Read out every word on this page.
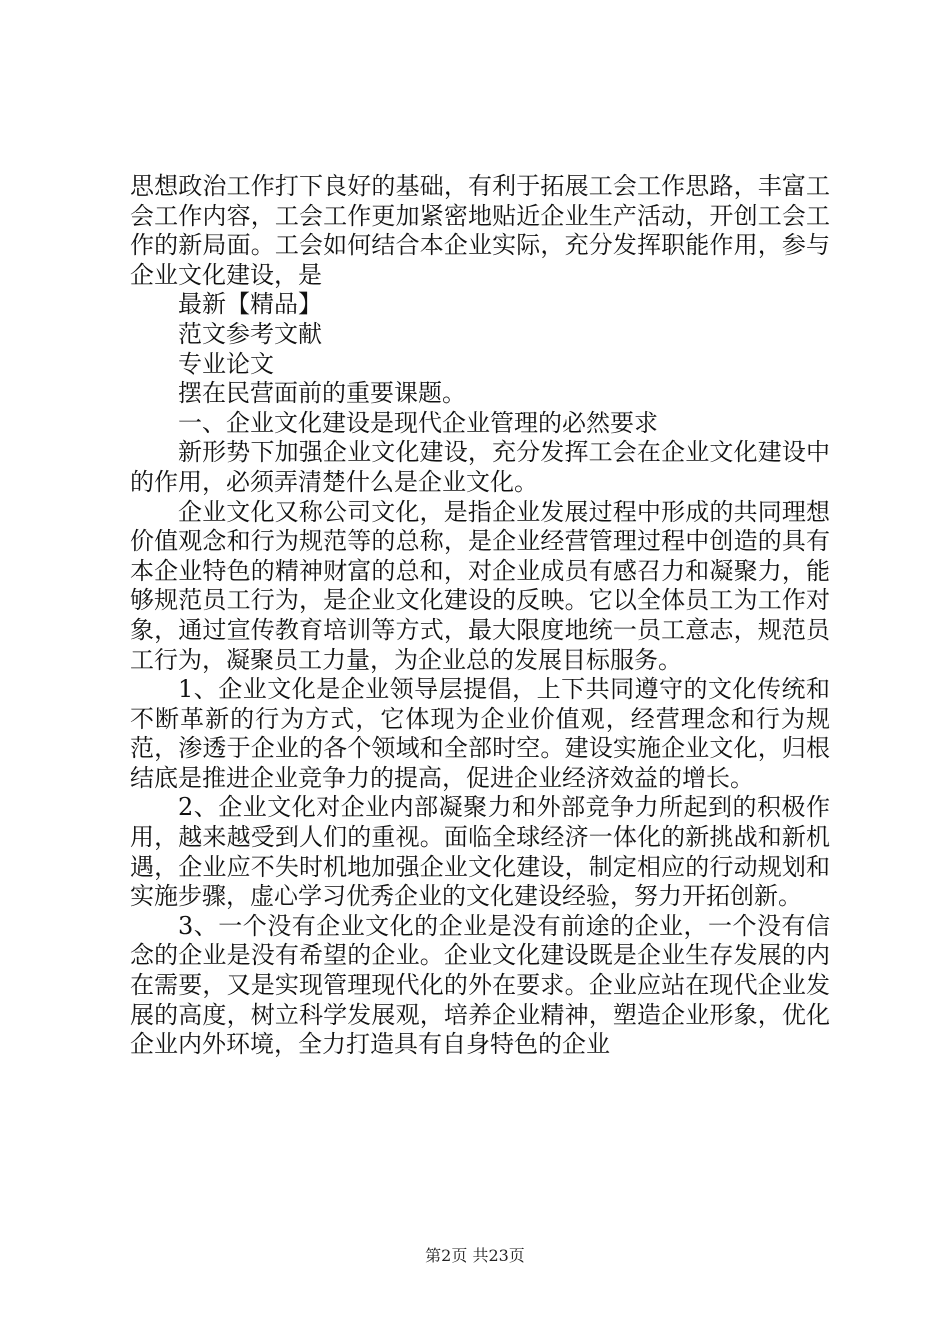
思想政治工作打下良好的基础，有利于拓展工会工作思路，丰富工会工作内容，工会工作更加紧密地贴近企业生产活动，开创工会工作的新局面。工会如何结合本企业实际，充分发挥职能作用，参与企业文化建设，是

最新【精品】

范文参考文献

专业论文

摆在民营面前的重要课题。

一、企业文化建设是现代企业管理的必然要求

新形势下加强企业文化建设，充分发挥工会在企业文化建设中的作用，必须弄清楚什么是企业文化。

企业文化又称公司文化，是指企业发展过程中形成的共同理想价值观念和行为规范等的总称，是企业经营管理过程中创造的具有本企业特色的精神财富的总和，对企业成员有感召力和凝聚力，能够规范员工行为，是企业文化建设的反映。它以全体员工为工作对象，通过宣传教育培训等方式，最大限度地统一员工意志，规范员工行为，凝聚员工力量，为企业总的发展目标服务。

1、企业文化是企业领导层提倡，上下共同遵守的文化传统和不断革新的行为方式，它体现为企业价值观，经营理念和行为规范，渗透于企业的各个领域和全部时空。建设实施企业文化，归根结底是推进企业竞争力的提高，促进企业经济效益的增长。

2、企业文化对企业内部凝聚力和外部竞争力所起到的积极作用，越来越受到人们的重视。面临全球经济一体化的新挑战和新机遇，企业应不失时机地加强企业文化建设，制定相应的行动规划和实施步骤，虚心学习优秀企业的文化建设经验，努力开拓创新。

3、一个没有企业文化的企业是没有前途的企业，一个没有信念的企业是没有希望的企业。企业文化建设既是企业生存发展的内在需要，又是实现管理现代化的外在要求。企业应站在现代企业发展的高度，树立科学发展观，培养企业精神，塑造企业形象，优化企业内外环境，全力打造具有自身特色的企业

第2页 共23页
